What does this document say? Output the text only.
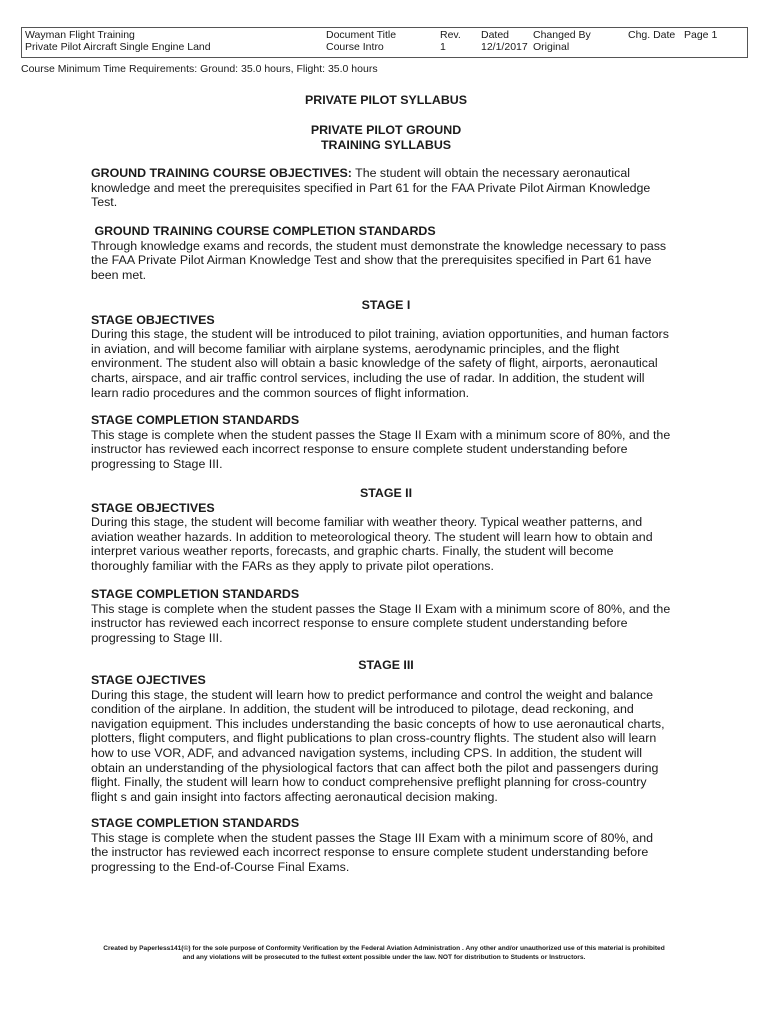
Wayman Flight Training
Private Pilot Aircraft Single Engine Land
Document Title
Course Intro
Rev.
1
Dated
12/1/2017
Changed By
Original
Chg. Date Page 1
Course Minimum Time Requirements: Ground: 35.0 hours, Flight: 35.0 hours
PRIVATE PILOT SYLLABUS
PRIVATE PILOT GROUND
TRAINING SYLLABUS
GROUND TRAINING COURSE OBJECTIVES: The student will obtain the necessary aeronautical
knowledge and meet the prerequisites specified in Part 61 for the FAA Private Pilot Airman Knowledge
Test.
GROUND TRAINING COURSE COMPLETION STANDARDS
Through knowledge exams and records, the student must demonstrate the knowledge necessary to pass
the FAA Private Pilot Airman Knowledge Test and show that the prerequisites specified in Part 61 have
been met.
STAGE I
STAGE OBJECTIVES
During this stage, the student will be introduced to pilot training, aviation opportunities, and human factors
in aviation, and will become familiar with airplane systems, aerodynamic principles, and the flight
environment. The student also will obtain a basic knowledge of the safety of flight, airports, aeronautical
charts, airspace, and air traffic control services, including the use of radar. In addition, the student will
learn radio procedures and the common sources of flight information.
STAGE COMPLETION STANDARDS
This stage is complete when the student passes the Stage II Exam with a minimum score of 80%, and the
instructor has reviewed each incorrect response to ensure complete student understanding before
progressing to Stage III.
STAGE II
STAGE OBJECTIVES
During this stage, the student will become familiar with weather theory. Typical weather patterns, and
aviation weather hazards. In addition to meteorological theory. The student will learn how to obtain and
interpret various weather reports, forecasts, and graphic charts. Finally, the student will become
thoroughly familiar with the FARs as they apply to private pilot operations.
STAGE COMPLETION STANDARDS
This stage is complete when the student passes the Stage II Exam with a minimum score of 80%, and the
instructor has reviewed each incorrect response to ensure complete student understanding before
progressing to Stage III.
STAGE III
STAGE OJECTIVES
During this stage, the student will learn how to predict performance and control the weight and balance
condition of the airplane. In addition, the student will be introduced to pilotage, dead reckoning, and
navigation equipment. This includes understanding the basic concepts of how to use aeronautical charts,
plotters, flight computers, and flight publications to plan cross-country flights. The student also will learn
how to use VOR, ADF, and advanced navigation systems, including CPS. In addition, the student will
obtain an understanding of the physiological factors that can affect both the pilot and passengers during
flight. Finally, the student will learn how to conduct comprehensive preflight planning for cross-country
flight s and gain insight into factors affecting aeronautical decision making.
STAGE COMPLETION STANDARDS
This stage is complete when the student passes the Stage III Exam with a minimum score of 80%, and
the instructor has reviewed each incorrect response to ensure complete student understanding before
progressing to the End-of-Course Final Exams.
Created by Paperless141(©) for the sole purpose of Conformity Verification by the Federal Aviation Administration . Any other and/or unauthorized use of this material is prohibited
and any violations will be prosecuted to the fullest extent possible under the law. NOT for distribution to Students or Instructors.
